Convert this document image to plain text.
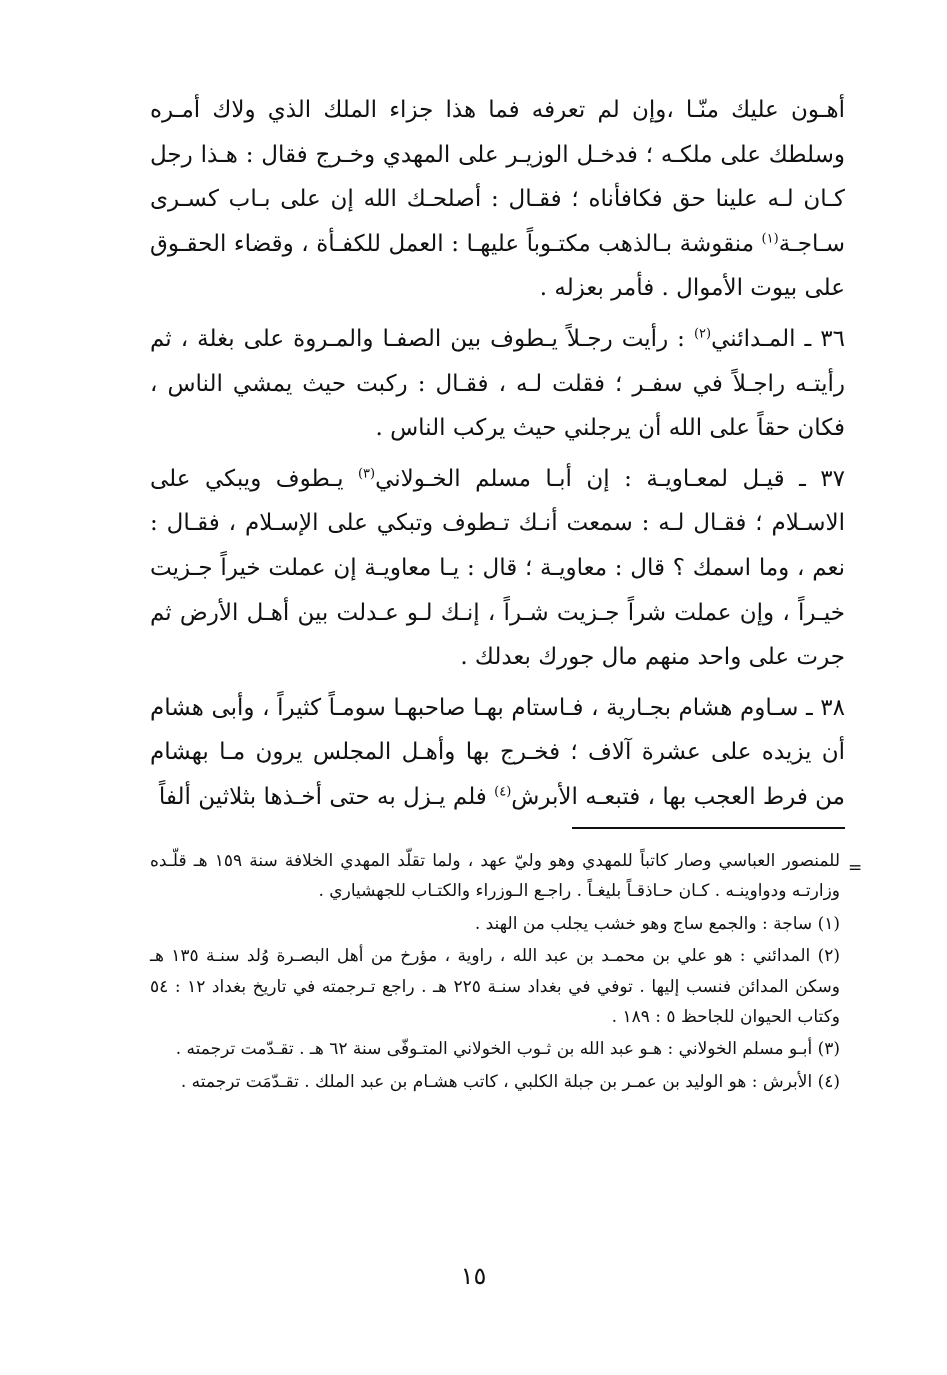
أهـون عليك منّـا ،وإن لم تعرفه فما هذا جزاء الملك الذي ولاك أمـره وسلطك على ملكـه ؛ فدخـل الوزيـر على المهدي وخـرج فقال : هـذا رجل كـان لـه علينا حق فكافأناه ؛ فقـال : أصلحـك الله إن على بـاب كسـرى سـاجـة$^{(١)}$ منقوشة بـالذهب مكتـوباً عليهـا : العمل للكفـأة ، وقضاء الحقـوق على بيوت الأموال . فأمر بعزله .

٣٦ ـ المـدائني$^{(٢)}$ : رأيت رجـلاً يـطوف بين الصفـا والمـروة على بغلة ، ثم رأيتـه راجـلاً في سفـر ؛ فقلت لـه ، فقـال : ركبت حيث يمشي الناس ، فكان حقاً على الله أن يرجلني حيث يركب الناس .

٣٧ ـ قيـل لمعـاويـة : إن أبـا مسلم الخـولاني$^{(٣)}$ يـطوف ويبكي على الاسـلام ؛ فقـال لـه : سمعت أنـك تـطوف وتبكي على الإسـلام ، فقـال : نعم ، وما اسمك ؟ قال : معاويـة ؛ قال : يـا معاويـة إن عملت خيراً جـزيت خيـراً ، وإن عملت شراً جـزيت شـراً ، إنـك لـو عـدلت بين أهـل الأرض ثم جرت على واحد منهم مال جورك بعدلك .

٣٨ ـ سـاوم هشام بجـارية ، فـاستام بهـا صاحبهـا سومـاً كثيراً ، وأبى هشام أن يزيده على عشرة آلاف ؛ فخـرج بها وأهـل المجلس يرون مـا بهشام من فرط العجب بها ، فتبعـه الأبرش$^{(٤)}$ فلم يـزل به حتى أخـذها بثلاثين ألفاً

=

للمنصور العباسي وصار كاتباً للمهدي وهو وليّ عهد ، ولما تقلّد المهدي الخلافة سنة ١٥٩ هـ قلّـده وزارتـه ودواوينـه . كـان حـاذقـاً بليغـاً . راجـع الـوزراء والكتـاب للجهشياري .

(١) ساجة : والجمع ساج وهو خشب يجلب من الهند .

(٢) المدائني : هو علي بن محمـد بن عبد الله ، راوية ، مؤرخ من أهل البصـرة وُلد سنـة ١٣٥ هـ وسكن المدائن فنسب إليها . توفي في بغداد سنـة ٢٢٥ هـ . راجع تـرجمته في تاريخ بغداد ١٢ : ٥٤ وكتاب الحيوان للجاحظ ٥ : ١٨٩ .

(٣) أبـو مسلم الخولاني : هـو عبد الله بن ثـوب الخولاني المتـوفّى سنة ٦٢ هـ . تقـدّمت ترجمته .

(٤) الأبرش : هو الوليد بن عمـر بن جبلة الكلبي ، كاتب هشـام بن عبد الملك . تقـدّمَت ترجمته .

١٥
